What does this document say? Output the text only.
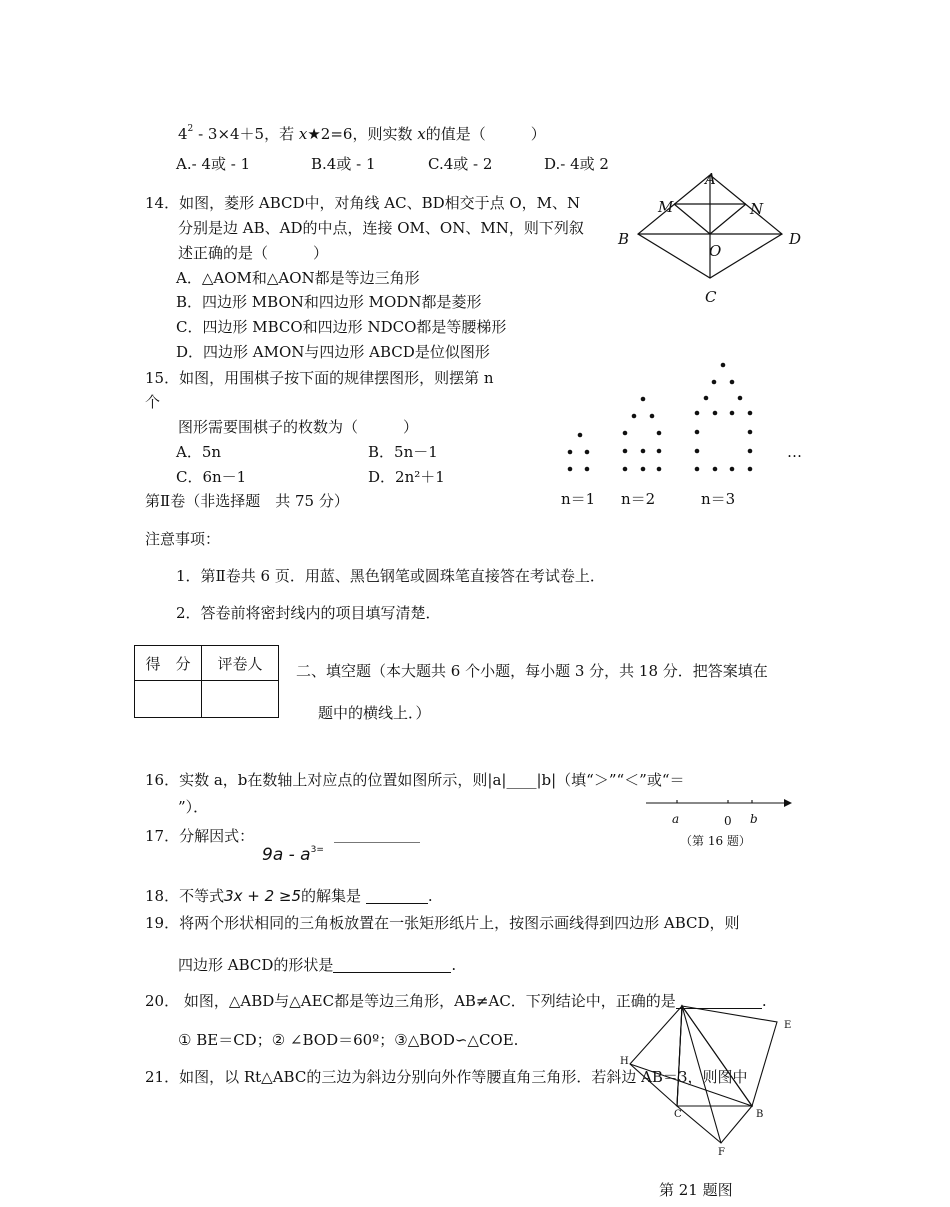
$4^2 - 3\times 4+5$，若 x★2=6，则实数 x的值是（　　　）
A.- 4或 - 1	B.4或 - 1	C.4或 - 2	D.- 4或 2
14．如图，菱形 ABCD中，对角线 AC、BD相交于点 O，M、N
分别是边 AB、AD的中点，连接 OM、ON、MN，则下列叙
述正确的是（　　　）
A．△AOM和△AON都是等边三角形
B．四边形 MBON和四边形 MODN都是菱形
C．四边形 MBCO和四边形 NDCO都是等腰梯形
D．四边形 AMON与四边形 ABCD是位似图形
A
M	N
B	D
O
C
15．如图，用围棋子按下面的规律摆图形，则摆第 n
个
图形需要围棋子的枚数为（　　　）
A．5n	B．5n－1
C．6n－1	D．2n²＋1
…
n＝1 n＝2	n＝3
第Ⅱ卷（非选择题　共 75 分）
注意事项：
1．第Ⅱ卷共 6 页．用蓝、黑色钢笔或圆珠笔直接答在考试卷上．
2．答卷前将密封线内的项目填写清楚．
得　分	评卷人
	二、填空题（本大题共 6 个小题，每小题 3 分，共 18 分．把答案填在
题中的横线上．）
16．实数 a，b在数轴上对应点的位置如图所示，则|a|____|b|（填“＞”“＜”或“＝
”）．
a	0 b
（第 16 题）
17．分解因式：
$9a - a^{3=}$
18．不等式3x + 2 ≥5的解集是	.
19．将两个形状相同的三角板放置在一张矩形纸片上，按图示画线得到四边形 ABCD，则
四边形 ABCD的形状是	.
20． 如图，△ABD与△AEC都是等边三角形，AB≠AC．下列结论中，正确的是	.
① BE＝CD；② ∠BOD＝60º；③△BOD∽△COE.
21．如图，以 Rt△ABC的三边为斜边分别向外作等腰直角三角形．若斜边 AB＝3，则图中
H
E
C	B
F
第 21 题图
